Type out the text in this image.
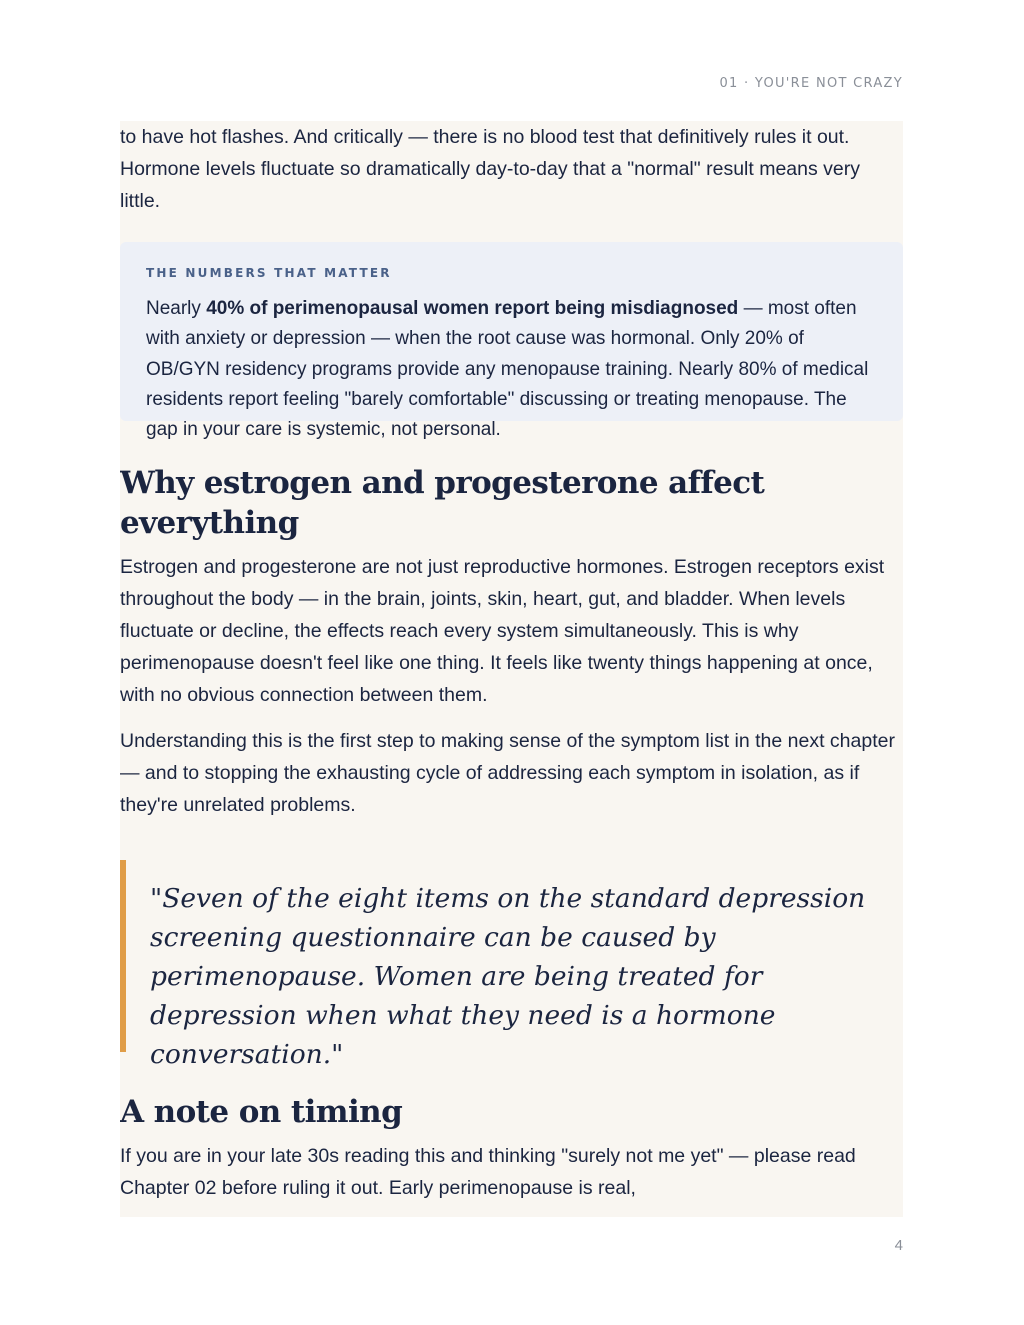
01 · YOU'RE NOT CRAZY

to have hot flashes. And critically — there is no blood test that definitively rules it out. Hormone levels fluctuate so dramatically day-to-day that a "normal" result means very little.

THE NUMBERS THAT MATTER

Nearly 40% of perimenopausal women report being misdiagnosed — most often with anxiety or depression — when the root cause was hormonal. Only 20% of OB/GYN residency programs provide any menopause training. Nearly 80% of medical residents report feeling "barely comfortable" discussing or treating menopause. The gap in your care is systemic, not personal.

Why estrogen and progesterone affect everything

Estrogen and progesterone are not just reproductive hormones. Estrogen receptors exist throughout the body — in the brain, joints, skin, heart, gut, and bladder. When levels fluctuate or decline, the effects reach every system simultaneously. This is why perimenopause doesn't feel like one thing. It feels like twenty things happening at once, with no obvious connection between them.

Understanding this is the first step to making sense of the symptom list in the next chapter — and to stopping the exhausting cycle of addressing each symptom in isolation, as if they're unrelated problems.

"Seven of the eight items on the standard depression screening questionnaire can be caused by perimenopause. Women are being treated for depression when what they need is a hormone conversation."

A note on timing

If you are in your late 30s reading this and thinking "surely not me yet" — please read Chapter 02 before ruling it out. Early perimenopause is real,

4
